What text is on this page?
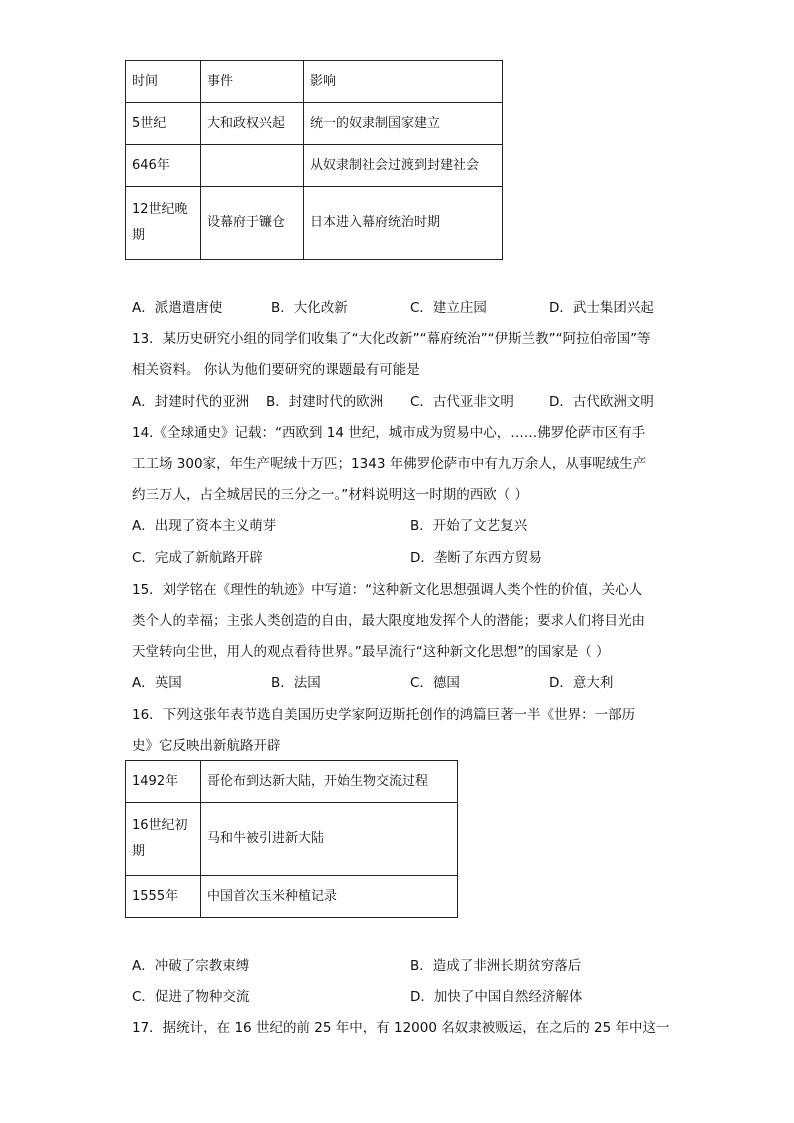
时间	事件	影响
5世纪	大和政权兴起	统一的奴隶制国家建立
646年		从奴隶制社会过渡到封建社会
12世纪晚期	设幕府于镰仓	日本进入幕府统治时期
A．派遣遣唐使	B．大化改新	C．建立庄园	D．武士集团兴起
13．某历史研究小组的同学们收集了“大化改新”“幕府统治”“伊斯兰教”“阿拉伯帝国”等
相关资料。 你认为他们要研究的课题最有可能是
A．封建时代的亚洲 B．封建时代的欧洲 C．古代亚非文明	D．古代欧洲文明
14.《全球通史》记载：“西欧到 14 世纪，城市成为贸易中心，……佛罗伦萨市区有手
工工场 300家，年生产呢绒十万匹；1343 年佛罗伦萨市中有九万余人，从事呢绒生产
约三万人，占全城居民的三分之一。”材料说明这一时期的西欧（ ）
A．出现了资本主义萌芽	B．开始了文艺复兴
C．完成了新航路开辟	D．垄断了东西方贸易
15．刘学铭在《理性的轨迹》中写道：“这种新文化思想强调人类个性的价值，关心人
类个人的幸福；主张人类创造的自由，最大限度地发挥个人的潜能；要求人们将目光由
天堂转向尘世，用人的观点看待世界。”最早流行“这种新文化思想”的国家是（ ）
A．英国	B．法国	C．德国	D．意大利
16．下列这张年表节选自美国历史学家阿迈斯托创作的鸿篇巨著一半《世界：一部历
史》它反映出新航路开辟
1492年	哥伦布到达新大陆，开始生物交流过程
16世纪初期	马和牛被引进新大陆
1555年	中国首次玉米种植记录
A．冲破了宗教束缚	B．造成了非洲长期贫穷落后
C．促进了物种交流	D．加快了中国自然经济解体
17．据统计，在 16 世纪的前 25 年中，有 12000 名奴隶被贩运，在之后的 25 年中这一
